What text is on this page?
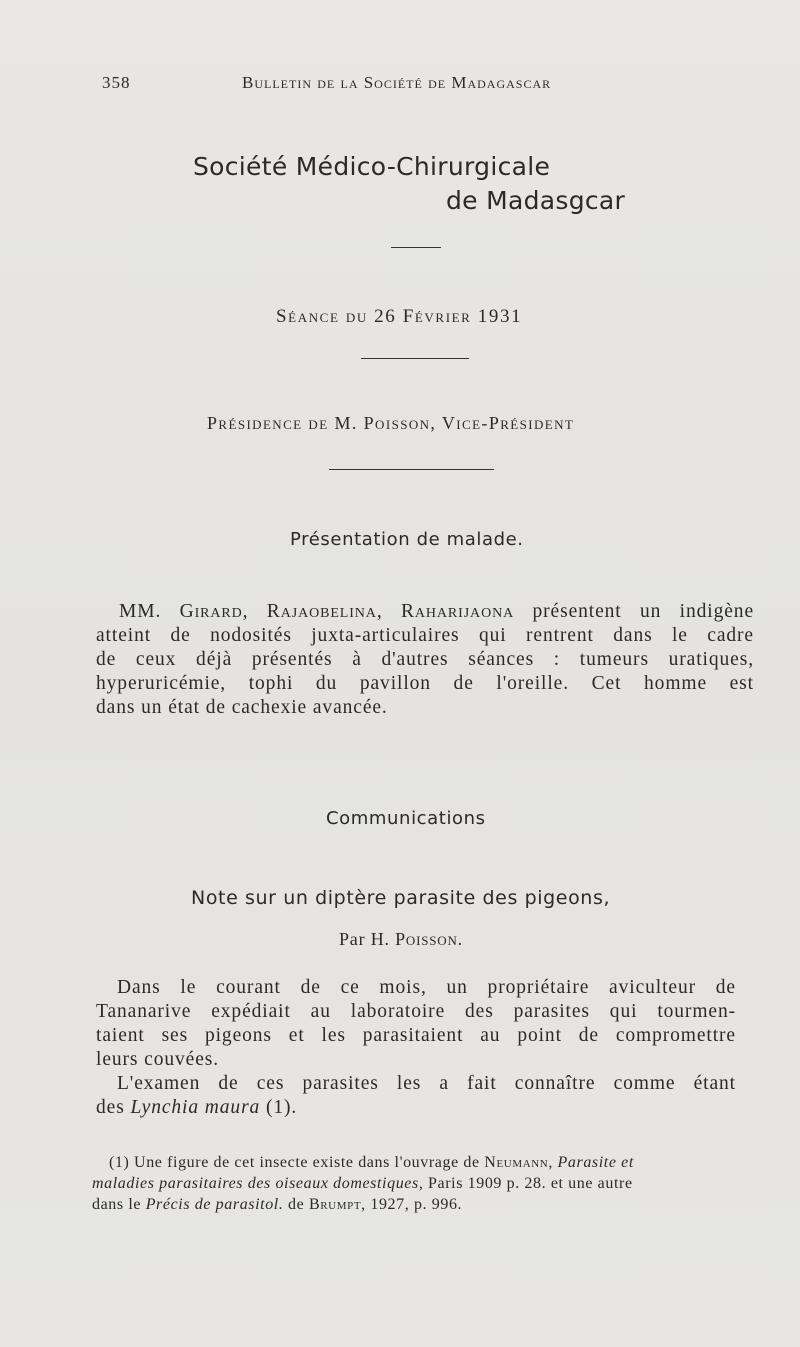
358	Bulletin de la Société de Madagascar
Société Médico-Chirurgicale
de Madasgcar
Séance du 26 Février 1931
Présidence de M. Poisson, Vice-Président
Présentation de malade.
MM. Girard, Rajaobelina, Raharijaona présentent un indigène
atteint de nodosités juxta-articulaires qui rentrent dans le cadre
de ceux déjà présentés à d'autres séances : tumeurs uratiques,
hyperuricémie, tophi du pavillon de l'oreille. Cet homme est
dans un état de cachexie avancée.
Communications
Note sur un diptère parasite des pigeons,
Par H. Poisson.
Dans le courant de ce mois, un propriétaire aviculteur de
Tananarive expédiait au laboratoire des parasites qui tourmen-
taient ses pigeons et les parasitaient au point de compromettre
leurs couvées.
L'examen de ces parasites les a fait connaître comme étant
des Lynchia maura (1).
(1) Une figure de cet insecte existe dans l'ouvrage de Neumann, Parasite et
maladies parasitaires des oiseaux domestiques, Paris 1909 p. 28. et une autre
dans le Précis de parasitol. de Brumpt, 1927, p. 996.
